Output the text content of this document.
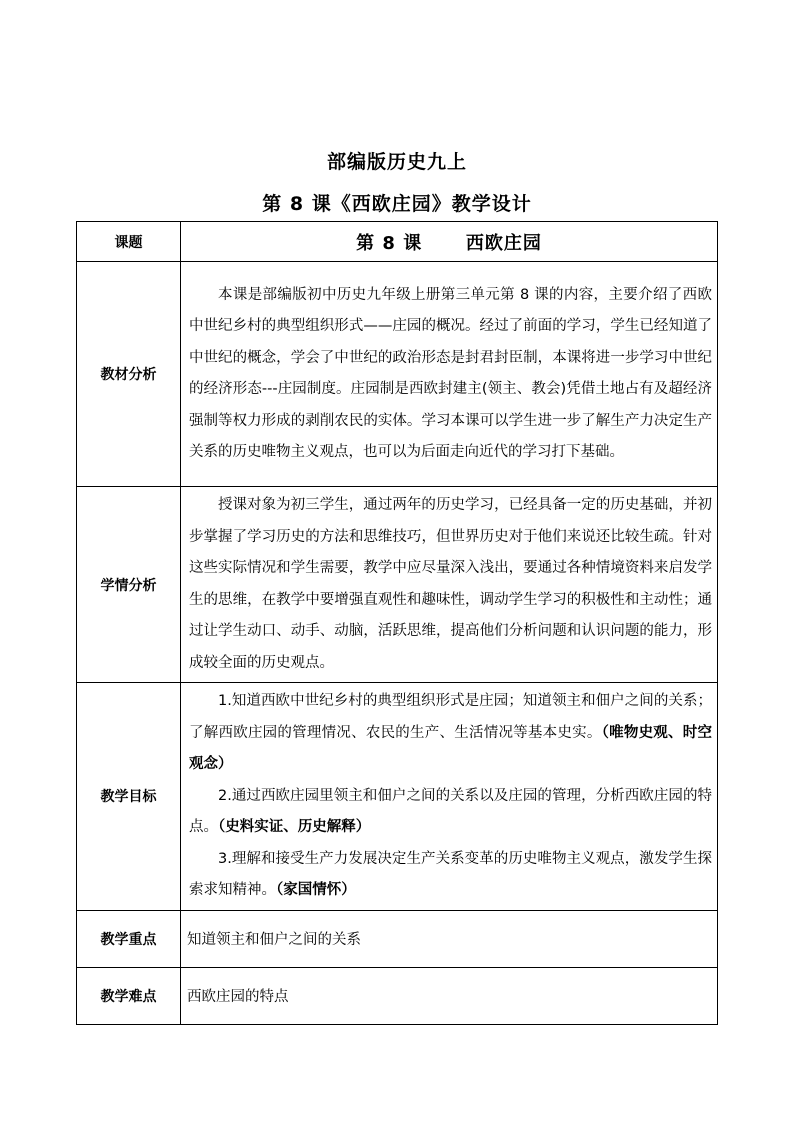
部编版历史九上
第 8 课《西欧庄园》教学设计
课题	第 8 课      西欧庄园
教材分析	本课是部编版初中历史九年级上册第三单元第 8 课的内容，主要介绍了西欧中世纪乡村的典型组织形式——庄园的概况。经过了前面的学习，学生已经知道了中世纪的概念，学会了中世纪的政治形态是封君封臣制，本课将进一步学习中世纪的经济形态---庄园制度。庄园制是西欧封建主(领主、教会)凭借土地占有及超经济强制等权力形成的剥削农民的实体。学习本课可以学生进一步了解生产力决定生产关系的历史唯物主义观点，也可以为后面走向近代的学习打下基础。

学情分析	授课对象为初三学生，通过两年的历史学习，已经具备一定的历史基础，并初步掌握了学习历史的方法和思维技巧，但世界历史对于他们来说还比较生疏。针对这些实际情况和学生需要，教学中应尽量深入浅出，要通过各种情境资料来启发学生的思维，在教学中要增强直观性和趣味性，调动学生学习的积极性和主动性；通过让学生动口、动手、动脑，活跃思维，提高他们分析问题和认识问题的能力，形成较全面的历史观点。

教学目标	1.知道西欧中世纪乡村的典型组织形式是庄园；知道领主和佃户之间的关系；了解西欧庄园的管理情况、农民的生产、生活情况等基本史实。（唯物史观、时空观念）

2.通过西欧庄园里领主和佃户之间的关系以及庄园的管理，分析西欧庄园的特点。（史料实证、历史解释）

3.理解和接受生产力发展决定生产关系变革的历史唯物主义观点，激发学生探索求知精神。（家国情怀）

教学重点	知道领主和佃户之间的关系
教学难点	西欧庄园的特点
